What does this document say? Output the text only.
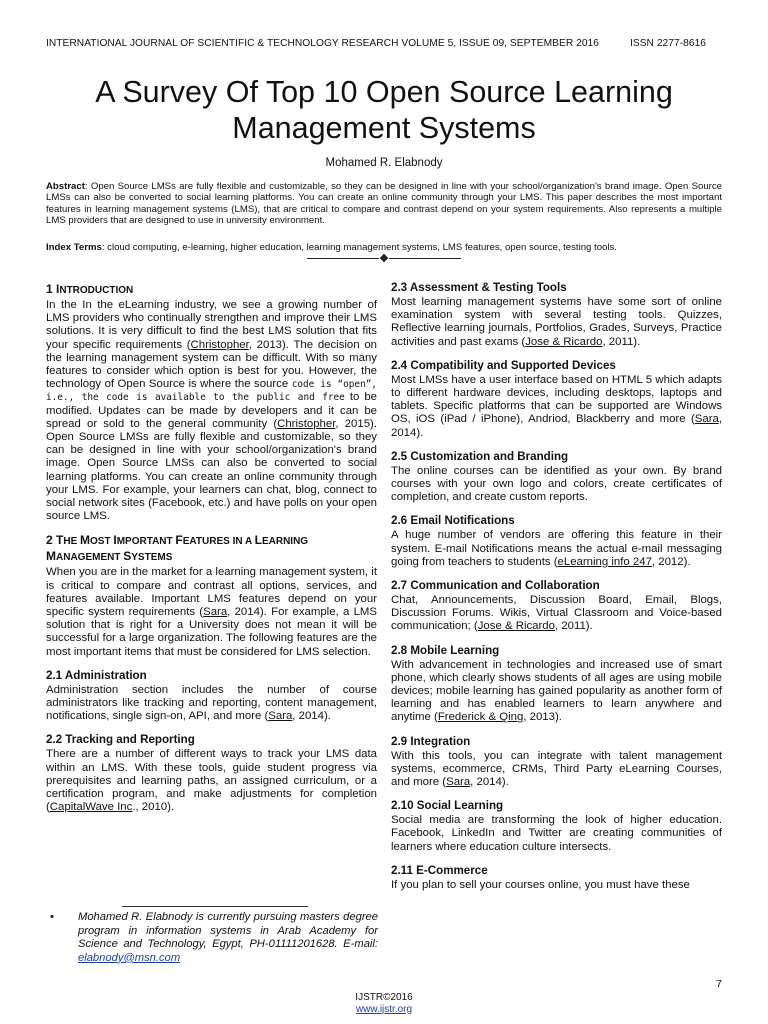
INTERNATIONAL JOURNAL OF SCIENTIFIC & TECHNOLOGY RESEARCH VOLUME 5, ISSUE 09, SEPTEMBER 2016	ISSN 2277-8616
A Survey Of Top 10 Open Source Learning
Management Systems
Mohamed R. Elabnody
Abstract: Open Source LMSs are fully flexible and customizable, so they can be designed in line with your school/organization's brand image. Open Source LMSs can also be converted to social learning platforms. You can create an online community through your LMS. This paper describes the most important features in learning management systems (LMS), that are critical to compare and contrast depend on your system requirements. Also represents a multiple LMS providers that are designed to use in university environment.
Index Terms: cloud computing, e-learning, higher education, learning management systems, LMS features, open source, testing tools.
1 INTRODUCTION

In the In the eLearning industry, we see a growing number of LMS providers who continually strengthen and improve their LMS solutions. It is very difficult to find the best LMS solution that fits your specific requirements (Christopher, 2013). The decision on the learning management system can be difficult. With so many features to consider which option is best for you. However, the technology of Open Source is where the source code is “open”, i.e., the code is available to the public and free to be modified. Updates can be made by developers and it can be spread or sold to the general community (Christopher, 2015). Open Source LMSs are fully flexible and customizable, so they can be designed in line with your school/organization's brand image. Open Source LMSs can also be converted to social learning platforms. You can create an online community through your LMS. For example, your learners can chat, blog, connect to social network sites (Facebook, etc.) and have polls on your open source LMS.

2 THE MOST IMPORTANT FEATURES IN A LEARNING
MANAGEMENT SYSTEMS

When you are in the market for a learning management system, it is critical to compare and contrast all options, services, and features available. Important LMS features depend on your specific system requirements (Sara, 2014). For example, a LMS solution that is right for a University does not mean it will be successful for a large organization. The following features are the most important items that must be considered for LMS selection.

2.1 Administration

Administration section includes the number of course administrators like tracking and reporting, content management, notifications, single sign-on, API, and more (Sara, 2014).

2.2 Tracking and Reporting

There are a number of different ways to track your LMS data within an LMS. With these tools, guide student progress via prerequisites and learning paths, an assigned curriculum, or a certification program, and make adjustments for completion (CapitalWave Inc., 2010).

2.3 Assessment & Testing Tools

Most learning management systems have some sort of online examination system with several testing tools. Quizzes, Reflective learning journals, Portfolios, Grades, Surveys, Practice activities and past exams (Jose & Ricardo, 2011).

2.4 Compatibility and Supported Devices

Most LMSs have a user interface based on HTML 5 which adapts to different hardware devices, including desktops, laptops and tablets. Specific platforms that can be supported are Windows OS, iOS (iPad / iPhone), Andriod, Blackberry and more (Sara, 2014).

2.5 Customization and Branding

The online courses can be identified as your own. By brand courses with your own logo and colors, create certificates of completion, and create custom reports.

2.6 Email Notifications

A huge number of vendors are offering this feature in their system. E-mail Notifications means the actual e-mail messaging going from teachers to students (eLearning info 247, 2012).

2.7 Communication and Collaboration

Chat, Announcements, Discussion Board, Email, Blogs, Discussion Forums. Wikis, Virtual Classroom and Voice-based communication; (Jose & Ricardo, 2011).

2.8 Mobile Learning

With advancement in technologies and increased use of smart phone, which clearly shows students of all ages are using mobile devices; mobile learning has gained popularity as another form of learning and has enabled learners to learn anywhere and anytime (Frederick & Qing, 2013).

2.9 Integration

With this tools, you can integrate with talent management systems, ecommerce, CRMs, Third Party eLearning Courses, and more (Sara, 2014).

2.10 Social Learning

Social media are transforming the look of higher education. Facebook, LinkedIn and Twitter are creating communities of learners where education culture intersects.

2.11 E-Commerce

If you plan to sell your courses online, you must have these

• Mohamed R. Elabnody is currently pursuing masters degree program in information systems in Arab Academy for Science and Technology, Egypt, PH-01111201628. E-mail: elabnody@msn.com
7
IJSTR©2016
www.ijstr.org
